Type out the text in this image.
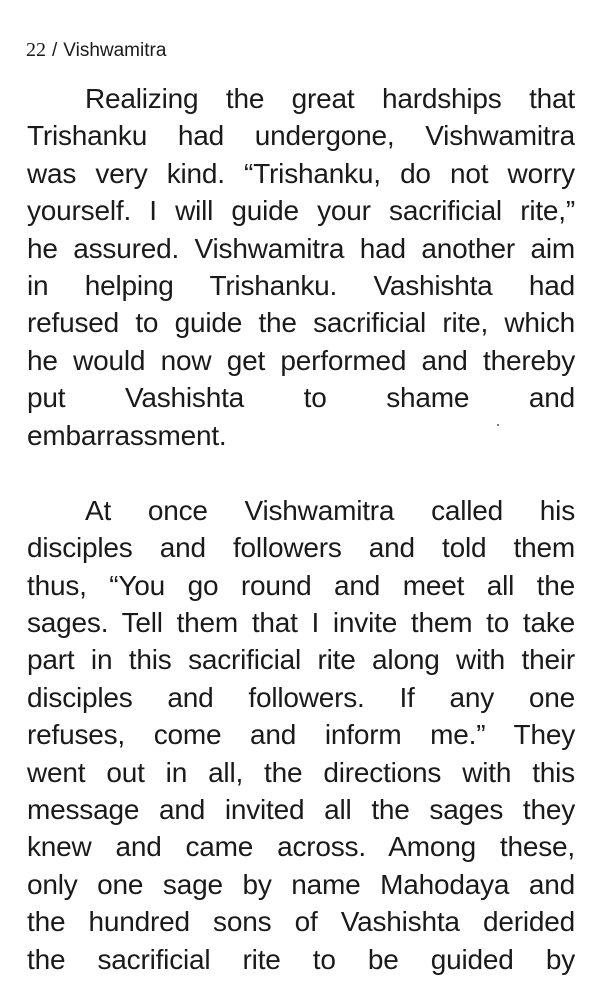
22 / Vishwamitra
Realizing the great hardships that
Trishanku had undergone, Vishwamitra
was very kind. “Trishanku, do not worry
yourself. I will guide your sacrificial rite,”
he assured. Vishwamitra had another aim
in helping Trishanku. Vashishta had
refused to guide the sacrificial rite, which
he would now get performed and thereby
put Vashishta to shame and
embarrassment.
At once Vishwamitra called his
disciples and followers and told them
thus, “You go round and meet all the
sages. Tell them that I invite them to take
part in this sacrificial rite along with their
disciples and followers. If any one
refuses, come and inform me.” They
went out in all, the directions with this
message and invited all the sages they
knew and came across. Among these,
only one sage by name Mahodaya and
the hundred sons of Vashishta derided
the sacrificial rite to be guided by
